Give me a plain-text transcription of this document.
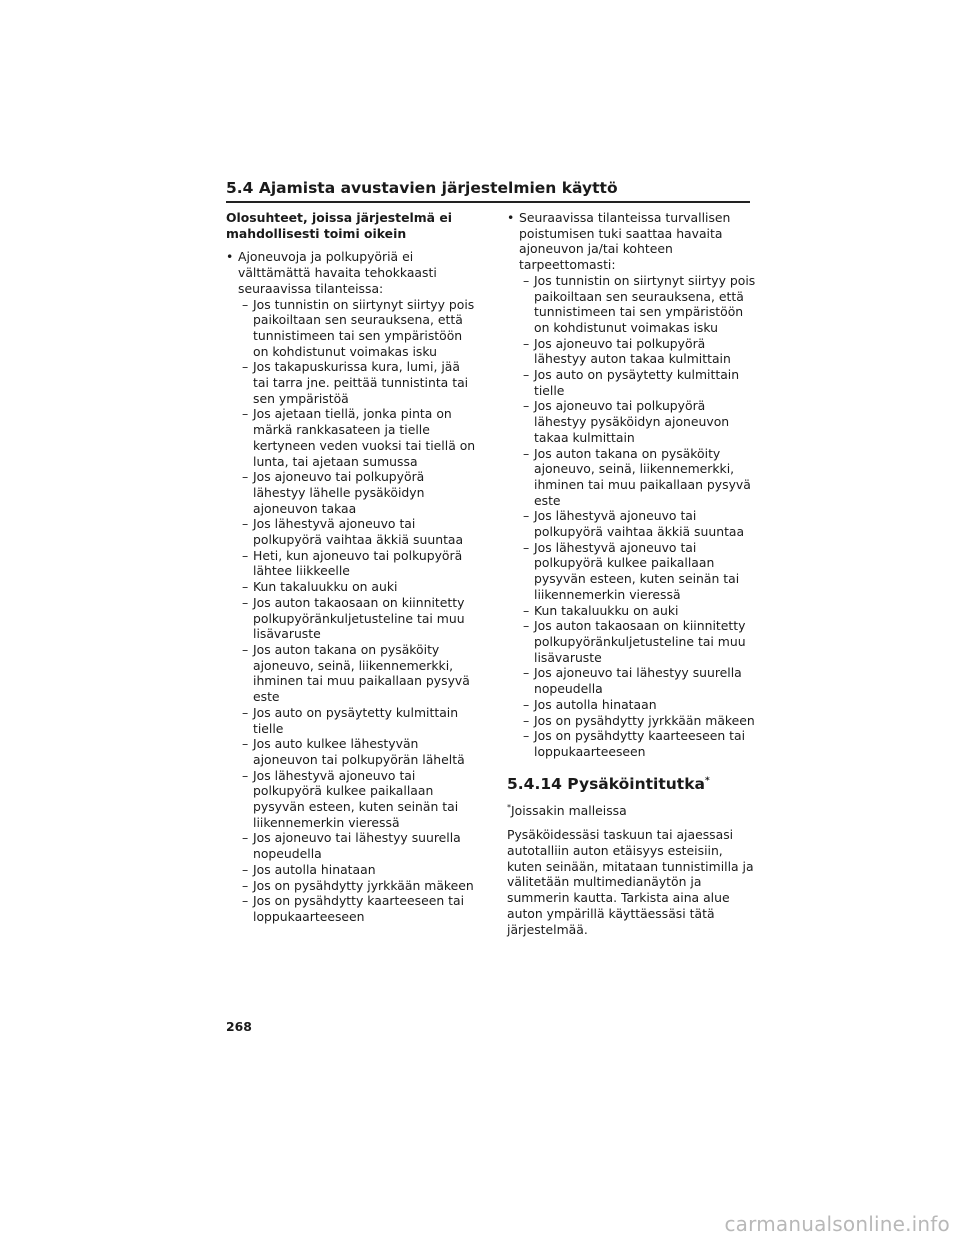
5.4 Ajamista avustavien järjestelmien käyttö
Olosuhteet, joissa järjestelmä ei mahdollisesti toimi oikein
• Ajoneuvoja ja polkupyöriä ei välttämättä havaita tehokkaasti seuraavissa tilanteissa:
– Jos tunnistin on siirtynyt siirtyy pois paikoiltaan sen seurauksena, että tunnistimeen tai sen ympäristöön on kohdistunut voimakas isku
– Jos takapuskurissa kura, lumi, jää tai tarra jne. peittää tunnistinta tai sen ympäristöä
– Jos ajetaan tiellä, jonka pinta on märkä rankkasateen ja tielle kertyneen veden vuoksi tai tiellä on lunta, tai ajetaan sumussa
– Jos ajoneuvo tai polkupyörä lähestyy lähelle pysäköidyn ajoneuvon takaa
– Jos lähestyvä ajoneuvo tai polkupyörä vaihtaa äkkiä suuntaa
– Heti, kun ajoneuvo tai polkupyörä lähtee liikkeelle
– Kun takaluukku on auki
– Jos auton takaosaan on kiinnitetty polkupyöränkuljetusteline tai muu lisävaruste
– Jos auton takana on pysäköity ajoneuvo, seinä, liikennemerkki, ihminen tai muu paikallaan pysyvä este
– Jos auto on pysäytetty kulmittain tielle
– Jos auto kulkee lähestyvän ajoneuvon tai polkupyörän läheltä
– Jos lähestyvä ajoneuvo tai polkupyörä kulkee paikallaan pysyvän esteen, kuten seinän tai liikennemerkin vieressä
– Jos ajoneuvo tai lähestyy suurella nopeudella
– Jos autolla hinataan
– Jos on pysähdytty jyrkkään mäkeen
– Jos on pysähdytty kaarteeseen tai loppukaarteeseen
• Seuraavissa tilanteissa turvallisen poistumisen tuki saattaa havaita ajoneuvon ja/tai kohteen tarpeettomasti:
– Jos tunnistin on siirtynyt siirtyy pois paikoiltaan sen seurauksena, että tunnistimeen tai sen ympäristöön on kohdistunut voimakas isku
– Jos ajoneuvo tai polkupyörä lähestyy auton takaa kulmittain
– Jos auto on pysäytetty kulmittain tielle
– Jos ajoneuvo tai polkupyörä lähestyy pysäköidyn ajoneuvon takaa kulmittain
– Jos auton takana on pysäköity ajoneuvo, seinä, liikennemerkki, ihminen tai muu paikallaan pysyvä este
– Jos lähestyvä ajoneuvo tai polkupyörä vaihtaa äkkiä suuntaa
– Jos lähestyvä ajoneuvo tai polkupyörä kulkee paikallaan pysyvän esteen, kuten seinän tai liikennemerkin vieressä
– Kun takaluukku on auki
– Jos auton takaosaan on kiinnitetty polkupyöränkuljetusteline tai muu lisävaruste
– Jos ajoneuvo tai lähestyy suurella nopeudella
– Jos autolla hinataan
– Jos on pysähdytty jyrkkään mäkeen
– Jos on pysähdytty kaarteeseen tai loppukaarteeseen
5.4.14 Pysäköintitutka*
*Joissakin malleissa

Pysäköidessäsi taskuun tai ajaessasi autotalliin auton etäisyys esteisiin, kuten seinään, mitataan tunnistimilla ja välitetään multimedianäytön ja summerin kautta. Tarkista aina alue auton ympärillä käyttäessäsi tätä järjestelmää.

268
carmanualsonline.info
